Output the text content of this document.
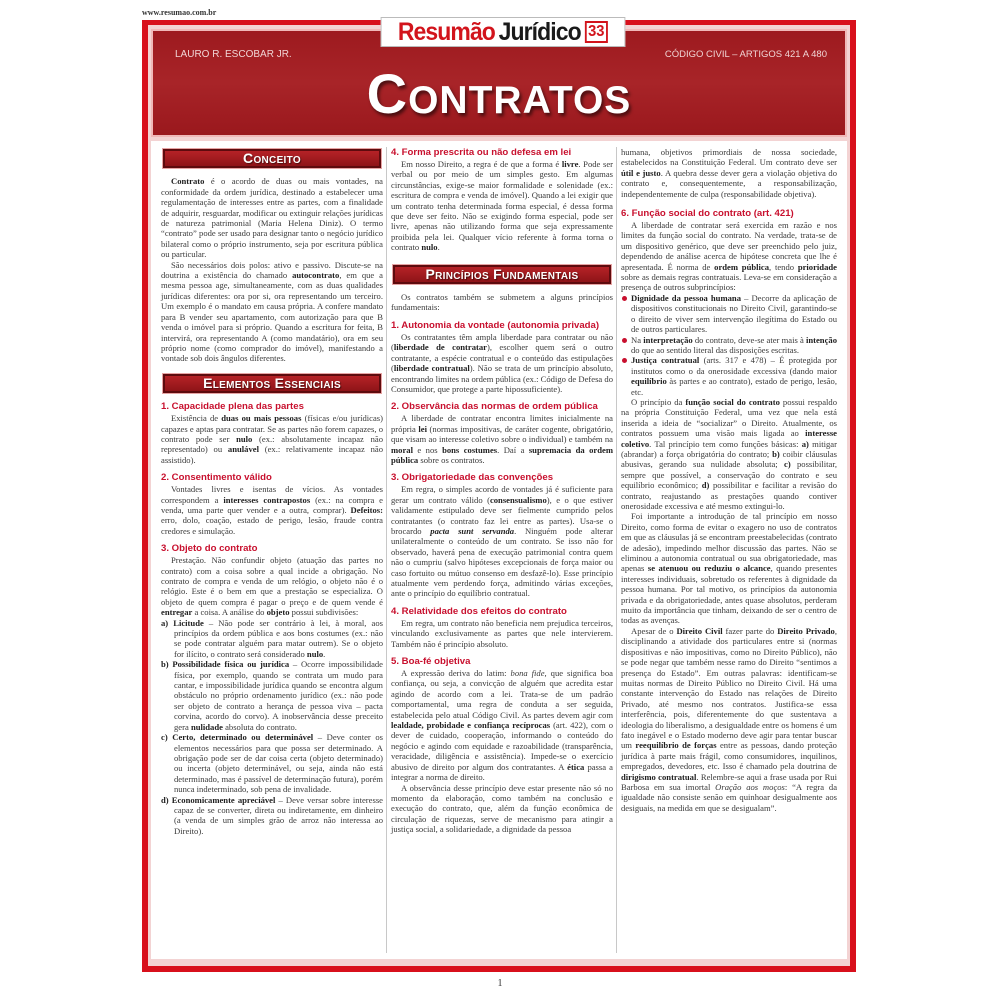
www.resumao.com.br
Resumão Jurídico 33
LAURO R. ESCOBAR JR.	CÓDIGO CIVIL – ARTIGOS 421 A 480
Contratos
Conceito

Contrato é o acordo de duas ou mais vontades, na conformidade da ordem jurídica, destinado a estabelecer uma regulamentação de interesses entre as partes, com a finalidade de adquirir, resguardar, modificar ou extinguir relações jurídicas de natureza patrimonial (Maria Helena Diniz). O termo “contrato” pode ser usado para designar tanto o negócio jurídico bilateral como o próprio instrumento, seja por escritura pública ou particular.

São necessários dois polos: ativo e passivo. Discute-se na doutrina a existência do chamado autocontrato, em que a mesma pessoa age, simultaneamente, com as duas qualidades jurídicas diferentes: ora por si, ora representando um terceiro. Um exemplo é o mandato em causa própria. A confere mandato para B vender seu apartamento, com autorização para que B venda o imóvel para si próprio. Quando a escritura for feita, B intervirá, ora representando A (como mandatário), ora em seu próprio nome (como comprador do imóvel), manifestando a vontade sob dois ângulos diferentes.

Elementos Essenciais
1. Capacidade plena das partes

Existência de duas ou mais pessoas (físicas e/ou jurídicas) capazes e aptas para contratar. Se as partes não forem capazes, o contrato pode ser nulo (ex.: absolutamente incapaz não representado) ou anulável (ex.: relativamente incapaz não assistido).

2. Consentimento válido

Vontades livres e isentas de vícios. As vontades correspondem a interesses contrapostos (ex.: na compra e venda, uma parte quer vender e a outra, comprar). Defeitos: erro, dolo, coação, estado de perigo, lesão, fraude contra credores e simulação.

3. Objeto do contrato

Prestação. Não confundir objeto (atuação das partes no contrato) com a coisa sobre a qual incide a obrigação. No contrato de compra e venda de um relógio, o objeto não é o relógio. Este é o bem em que a prestação se especializa. O objeto de quem compra é pagar o preço e de quem vende é entregar a coisa. A análise do objeto possui subdivisões:

a) Licitude – Não pode ser contrário à lei, à moral, aos princípios da ordem pública e aos bons costumes (ex.: não se pode contratar alguém para matar outrem). Se o objeto for ilícito, o contrato será considerado nulo.
b) Possibilidade física ou jurídica – Ocorre impossibilidade física, por exemplo, quando se contrata um mudo para cantar, e impossibilidade jurídica quando se encontra algum obstáculo no próprio ordenamento jurídico (ex.: não pode ser objeto de contrato a herança de pessoa viva – pacta corvina, acordo do corvo). A inobservância desse preceito gera nulidade absoluta do contrato.
c) Certo, determinado ou determinável – Deve conter os elementos necessários para que possa ser determinado. A obrigação pode ser de dar coisa certa (objeto determinado) ou incerta (objeto determinável, ou seja, ainda não está determinado, mas é passível de determinação futura), porém nunca indeterminado, sob pena de invalidade.
d) Economicamente apreciável – Deve versar sobre interesse capaz de se converter, direta ou indiretamente, em dinheiro (a venda de um simples grão de arroz não interessa ao Direito).
4. Forma prescrita ou não defesa em lei

Em nosso Direito, a regra é de que a forma é livre. Pode ser verbal ou por meio de um simples gesto. Em algumas circunstâncias, exige-se maior formalidade e solenidade (ex.: escritura de compra e venda de imóvel). Quando a lei exigir que um contrato tenha determinada forma especial, é dessa forma que deve ser feito. Não se exigindo forma especial, pode ser livre, apenas não utilizando forma que seja expressamente proibida pela lei. Qualquer vício referente à forma torna o contrato nulo.

Princípios Fundamentais

Os contratos também se submetem a alguns princípios fundamentais:

1. Autonomia da vontade (autonomia privada)

Os contratantes têm ampla liberdade para contratar ou não (liberdade de contratar), escolher quem será o outro contratante, a espécie contratual e o conteúdo das estipulações (liberdade contratual). Não se trata de um princípio absoluto, encontrando limites na ordem pública (ex.: Código de Defesa do Consumidor, que protege a parte hipossuficiente).

2. Observância das normas de ordem pública

A liberdade de contratar encontra limites inicialmente na própria lei (normas impositivas, de caráter cogente, obrigatório, que visam ao interesse coletivo sobre o individual) e também na moral e nos bons costumes. Daí a supremacia da ordem pública sobre os contratos.

3. Obrigatoriedade das convenções

Em regra, o simples acordo de vontades já é suficiente para gerar um contrato válido (consensualismo), e o que estiver validamente estipulado deve ser fielmente cumprido pelos contratantes (o contrato faz lei entre as partes). Usa-se o brocardo pacta sunt servanda. Ninguém pode alterar unilateralmente o conteúdo de um contrato. Se isso não for observado, haverá pena de execução patrimonial contra quem não o cumpriu (salvo hipóteses excepcionais de força maior ou caso fortuito ou mútuo consenso em desfazê-lo). Esse princípio atualmente vem perdendo força, admitindo várias exceções, ante o princípio do equilíbrio contratual.

4. Relatividade dos efeitos do contrato

Em regra, um contrato não beneficia nem prejudica terceiros, vinculando exclusivamente as partes que nele intervierem. Também não é princípio absoluto.

5. Boa-fé objetiva

A expressão deriva do latim: bona fide, que significa boa confiança, ou seja, a convicção de alguém que acredita estar agindo de acordo com a lei. Trata-se de um padrão comportamental, uma regra de conduta a ser seguida, estabelecida pelo atual Código Civil. As partes devem agir com lealdade, probidade e confiança recíprocas (art. 422), com o dever de cuidado, cooperação, informando o conteúdo do negócio e agindo com equidade e razoabilidade (transparência, veracidade, diligência e assistência). Impede-se o exercício abusivo de direito por algum dos contratantes. A ética passa a integrar a norma de direito.

A observância desse princípio deve estar presente não só no momento da elaboração, como também na conclusão e execução do contrato, que, além da função econômica de circulação de riquezas, serve de mecanismo para atingir a justiça social, a solidariedade, a dignidade da pessoa

humana, objetivos primordiais de nossa sociedade, estabelecidos na Constituição Federal. Um contrato deve ser útil e justo. A quebra desse dever gera a violação objetiva do contrato e, consequentemente, a responsabilização, independentemente de culpa (responsabilidade objetiva).
6. Função social do contrato (art. 421)

A liberdade de contratar será exercida em razão e nos limites da função social do contrato. Na verdade, trata-se de um dispositivo genérico, que deve ser preenchido pelo juiz, dependendo de análise acerca de hipótese concreta que lhe é apresentada. É norma de ordem pública, tendo prioridade sobre as demais regras contratuais. Leva-se em consideração a presença de outros subprincípios:

Dignidade da pessoa humana – Decorre da aplicação de dispositivos constitucionais no Direito Civil, garantindo-se o direito de viver sem intervenção ilegítima do Estado ou de outros particulares.
Na interpretação do contrato, deve-se ater mais à intenção do que ao sentido literal das disposições escritas.
Justiça contratual (arts. 317 e 478) – É protegida por institutos como o da onerosidade excessiva (dando maior equilíbrio às partes e ao contrato), estado de perigo, lesão, etc.

O princípio da função social do contrato possui respaldo na própria Constituição Federal, uma vez que nela está inserida a ideia de “socializar” o Direito. Atualmente, os contratos possuem uma visão mais ligada ao interesse coletivo. Tal princípio tem como funções básicas: a) mitigar (abrandar) a força obrigatória do contrato; b) coibir cláusulas abusivas, gerando sua nulidade absoluta; c) possibilitar, sempre que possível, a conservação do contrato e seu equilíbrio econômico; d) possibilitar e facilitar a revisão do contrato, reajustando as prestações quando contiver onerosidade excessiva e até mesmo extingui-lo.

Foi importante a introdução de tal princípio em nosso Direito, como forma de evitar o exagero no uso de contratos em que as cláusulas já se encontram preestabelecidas (contrato de adesão), impedindo melhor discussão das partes. Não se eliminou a autonomia contratual ou sua obrigatoriedade, mas apenas se atenuou ou reduziu o alcance, quando presentes interesses individuais, sobretudo os referentes à dignidade da pessoa humana. Por tal motivo, os princípios da autonomia privada e da obrigatoriedade, antes quase absolutos, perderam muito da importância que tinham, deixando de ser o centro de todas as avenças.

Apesar de o Direito Civil fazer parte do Direito Privado, disciplinando a atividade dos particulares entre si (normas dispositivas e não impositivas, como no Direito Público), não se pode negar que também nesse ramo do Direito “sentimos a presença do Estado”. Em outras palavras: identificam-se muitas normas de Direito Público no Direito Civil. Há uma constante intervenção do Estado nas relações de Direito Privado, até mesmo nos contratos. Justifica-se essa interferência, pois, diferentemente do que sustentava a ideologia do liberalismo, a desigualdade entre os homens é um fato inegável e o Estado moderno deve agir para tentar buscar um reequilíbrio de forças entre as pessoas, dando proteção jurídica à parte mais frágil, como consumidores, inquilinos, empregados, devedores, etc. Isso é chamado pela doutrina de dirigismo contratual. Relembre-se aqui a frase usada por Rui Barbosa em sua imortal Oração aos moços: “A regra da igualdade não consiste senão em quinhoar desigualmente aos desiguais, na medida em que se desigualam”.

1
